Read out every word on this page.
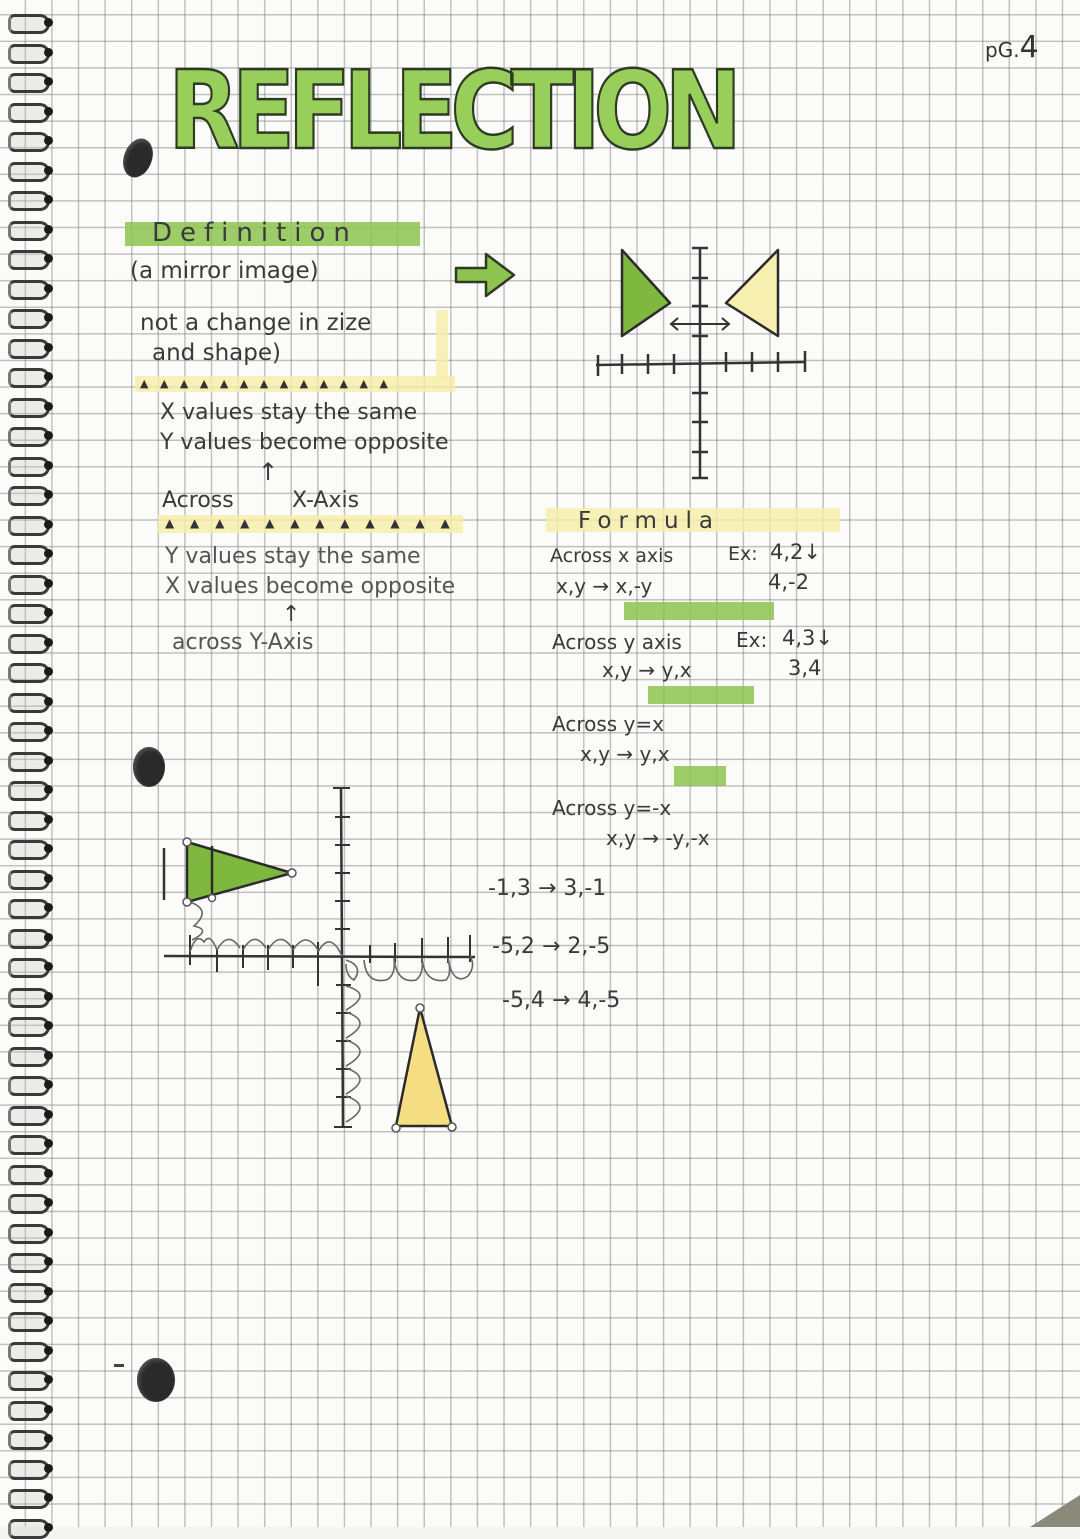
pG.4
REFLECTION
Definition
(a mirror image)
not a change in zize
and shape)
▲ ▲ ▲ ▲ ▲ ▲ ▲ ▲ ▲ ▲ ▲ ▲ ▲
X values stay the same
Y values become opposite
↑
Across	X-Axis
▲ ▲ ▲ ▲ ▲ ▲ ▲ ▲ ▲ ▲ ▲ ▲
Y values stay the same
X values become opposite
↑
across Y-Axis
Formula
Across x axis	Ex: 4,2↓
x,y → x,-y	4,-2
Across y axis	Ex: 4,3↓
x,y → y,x	3,4
Across y=x
x,y → y,x
Across y=-x
x,y → -y,-x
-1,3 → 3,-1
-5,2 → 2,-5
-5,4 → 4,-5
